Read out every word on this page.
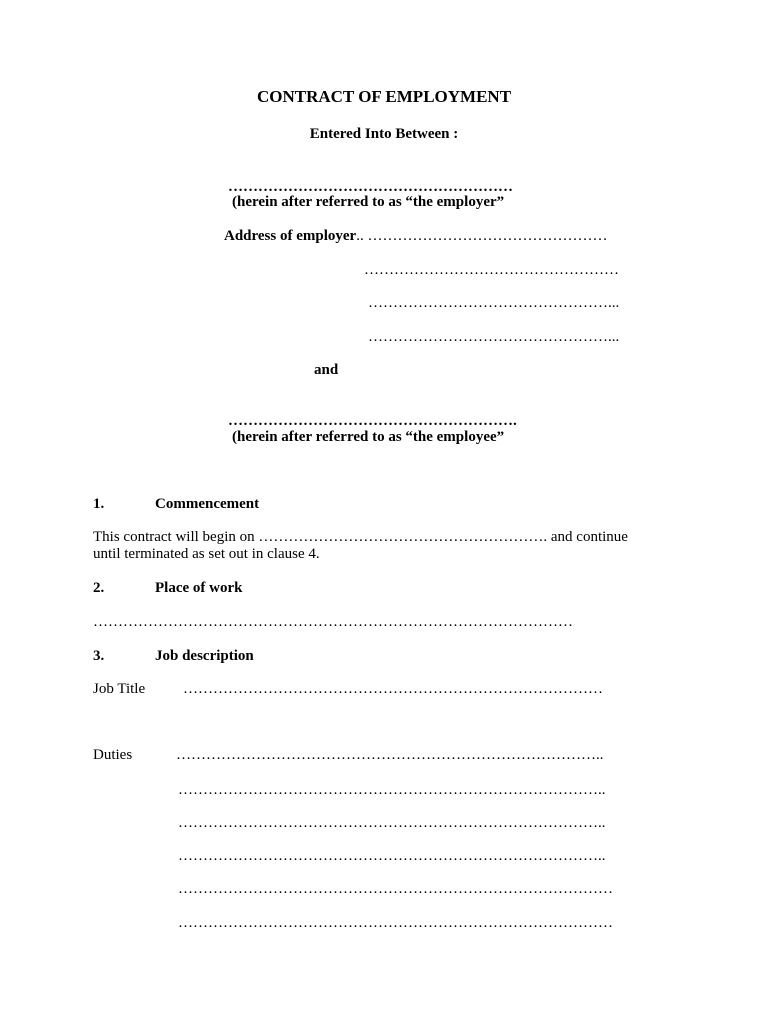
CONTRACT OF EMPLOYMENT
Entered Into Between :
…………………………………………………
(herein after referred to as “the employer”
Address of employer.. …………………………………………
……………………………………………
…………………………………………...
…………………………………………...
and
………………………………………………….
(herein after referred to as “the employee”
1.	Commencement
This contract will begin on …………………………………………………. and continue
until terminated as set out in clause 4.
2.	Place of work
……………………………………………………………………………………
3.	Job description
Job Title	…………………………………………………………………………
Duties	…………………………………………………………………………..
…………………………………………………………………………..
…………………………………………………………………………..
…………………………………………………………………………..
……………………………………………………………………………
……………………………………………………………………………
